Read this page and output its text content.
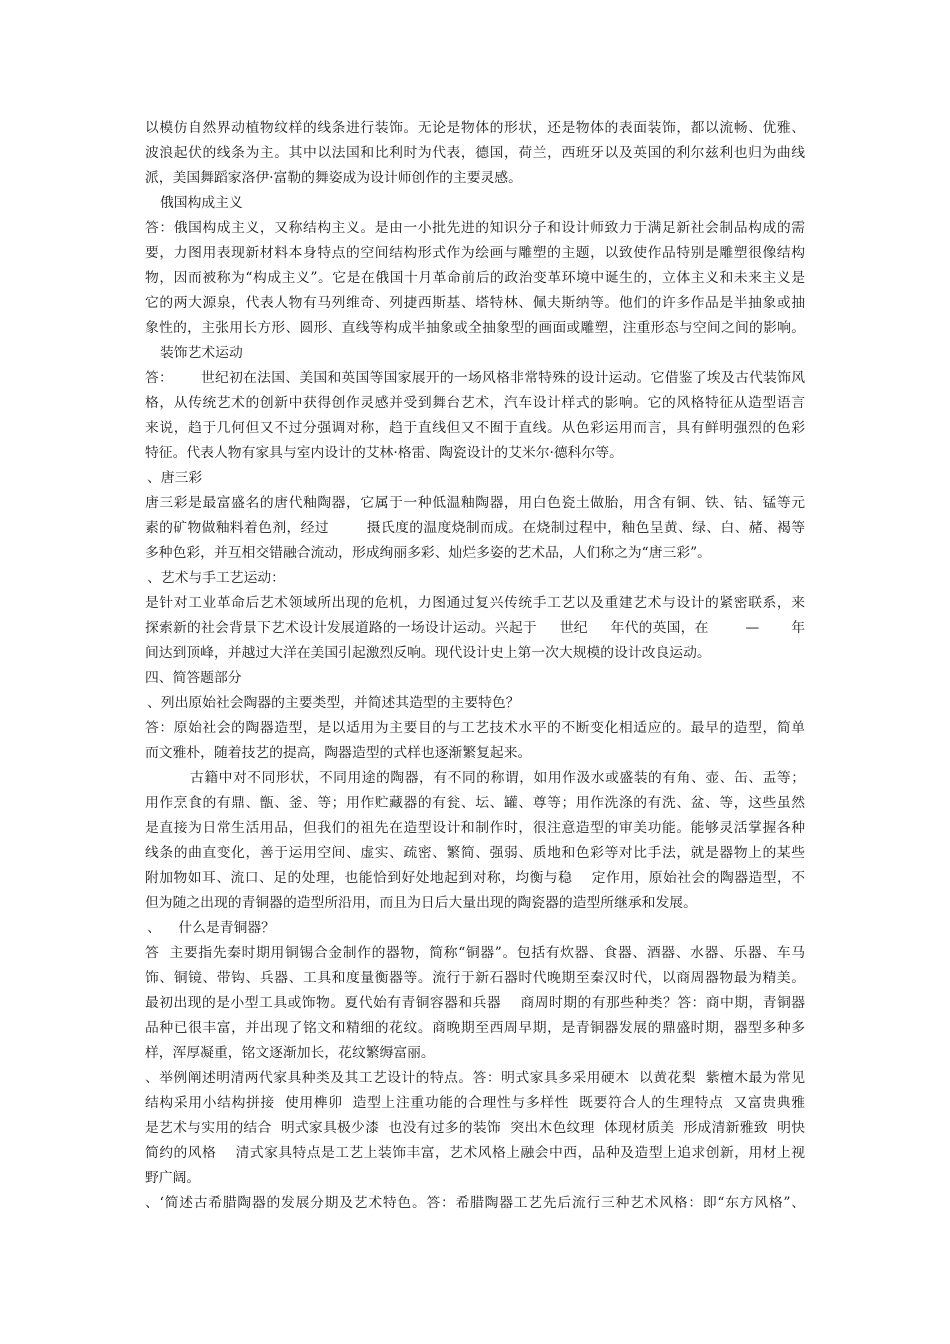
以模仿自然界动植物纹样的线条进行装饰。无论是物体的形状，还是物体的表面装饰，都以流畅、优雅、
波浪起伏的线条为主。其中以法国和比利时为代表，德国，荷兰，西班牙以及英国的利尔兹利也归为曲线
派，美国舞蹈家洛伊·富勒的舞姿成为设计师创作的主要灵感。
俄国构成主义
答：俄国构成主义，又称结构主义。是由一小批先进的知识分子和设计师致力于满足新社会制品构成的需
要，力图用表现新材料本身特点的空间结构形式作为绘画与雕塑的主题，以致使作品特别是雕塑很像结构
物，因而被称为“构成主义”。它是在俄国十月革命前后的政治变革环境中诞生的，立体主义和未来主义是
它的两大源泉，代表人物有马列维奇、列捷西斯基、塔特林、佩夫斯纳等。他们的许多作品是半抽象或抽
象性的，主张用长方形、圆形、直线等构成半抽象或全抽象型的画面或雕塑，注重形态与空间之间的影响。
装饰艺术运动
答：      世纪初在法国、美国和英国等国家展开的一场风格非常特殊的设计运动。它借鉴了埃及古代装饰风
格，从传统艺术的创新中获得创作灵感并受到舞台艺术，汽车设计样式的影响。它的风格特征从造型语言
来说，趋于几何但又不过分强调对称，趋于直线但又不囿于直线。从色彩运用而言，具有鲜明强烈的色彩
特征。代表人物有家具与室内设计的艾林·格雷、陶瓷设计的艾米尔·德科尔等。
、唐三彩
唐三彩是最富盛名的唐代釉陶器，它属于一种低温釉陶器，用白色瓷土做胎，用含有铜、铁、钴、锰等元
素的矿物做釉料着色剂，经过        摄氏度的温度烧制而成。在烧制过程中，釉色呈黄、绿、白、赭、褐等
多种色彩，并互相交错融合流动，形成绚丽多彩、灿烂多姿的艺术品，人们称之为“唐三彩”。
、艺术与手工艺运动：
是针对工业革命后艺术领域所出现的危机，力图通过复兴传统手工艺以及重建艺术与设计的紧密联系，来
探索新的社会背景下艺术设计发展道路的一场设计运动。兴起于     世纪     年代的英国，在        —       年
间达到顶峰，并越过大洋在美国引起激烈反响。现代设计史上第一次大规模的设计改良运动。
四、简答题部分
、列出原始社会陶器的主要类型，并简述其造型的主要特色？
答：原始社会的陶器造型，是以适用为主要目的与工艺技术水平的不断变化相适应的。最早的造型，简单
而文雅朴，随着技艺的提高，陶器造型的式样也逐渐繁复起来。
古籍中对不同形状，不同用途的陶器，有不同的称谓，如用作汲水或盛装的有角、壶、缶、盂等；
用作烹食的有鼎、甑、釜、等；用作贮藏器的有瓮、坛、罐、尊等；用作洗涤的有洗、盆、等，这些虽然
是直接为日常生活用品，但我们的祖先在造型设计和制作时，很注意造型的审美功能。能够灵活掌握各种
线条的曲直变化，善于运用空间、虚实、疏密、繁简、强弱、质地和色彩等对比手法，就是器物上的某些
附加物如耳、流口、足的处理，也能恰到好处地起到对称，均衡与稳    定作用，原始社会的陶器造型，不
但为随之出现的青铜器的造型所沿用，而且为日后大量出现的陶瓷器的造型所继承和发展。
、    什么是青铜器？
答  主要指先秦时期用铜锡合金制作的器物，简称“铜器”。包括有炊器、食器、酒器、水器、乐器、车马
饰、铜镜、带钩、兵器、工具和度量衡器等。流行于新石器时代晚期至秦汉时代，以商周器物最为精美。
最初出现的是小型工具或饰物。夏代始有青铜容器和兵器    商周时期的有那些种类？答：商中期，青铜器
品种已很丰富，并出现了铭文和精细的花纹。商晚期至西周早期，是青铜器发展的鼎盛时期，器型多种多
样，浑厚凝重，铭文逐渐加长，花纹繁缛富丽。
、举例阐述明清两代家具种类及其工艺设计的特点。答：明式家具多采用硬木  以黄花梨  紫檀木最为常见
结构采用小结构拼接  使用榫卯  造型上注重功能的合理性与多样性  既要符合人的生理特点  又富贵典雅
是艺术与实用的结合  明式家具极少漆  也没有过多的装饰  突出木色纹理  体现材质美  形成清新雅致  明快
简约的风格    清式家具特点是工艺上装饰丰富，艺术风格上融会中西，品种及造型上追求创新，用材上视
野广阔。
、‘简述古希腊陶器的发展分期及艺术特色。答：希腊陶器工艺先后流行三种艺术风格：即“东方风格”、
